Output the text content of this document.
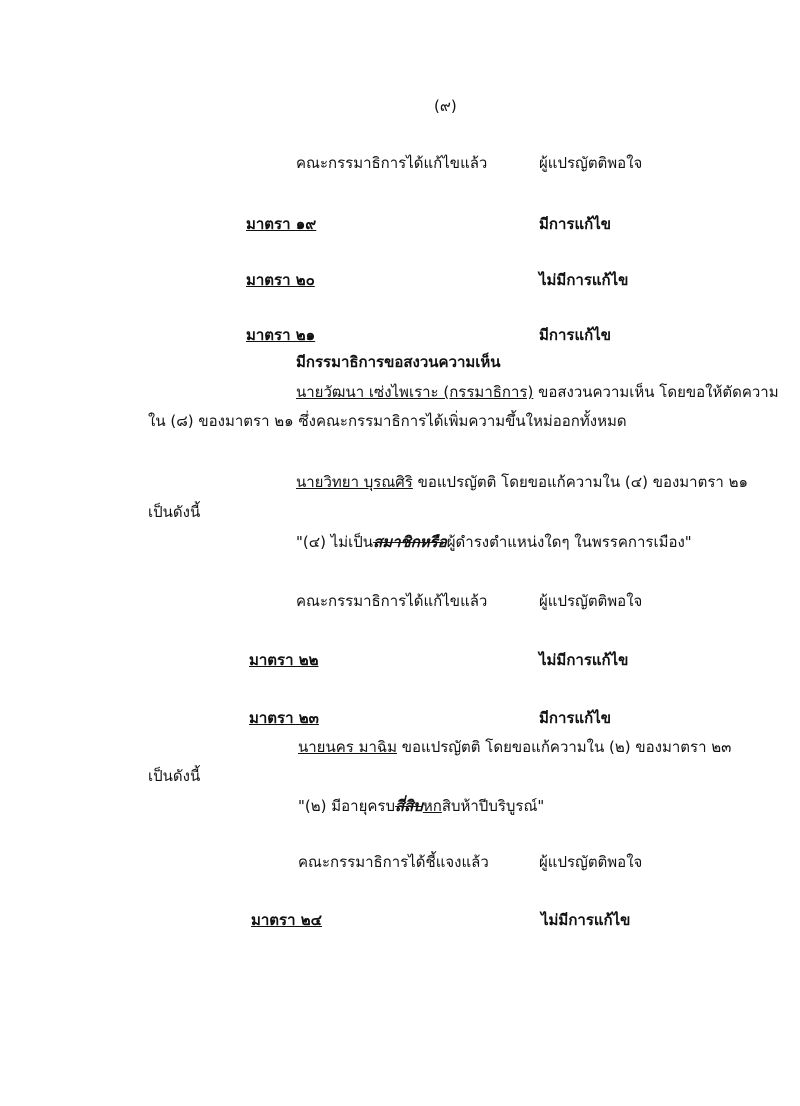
(๙)
คณะกรรมาธิการได้แก้ไขแล้ว	ผู้แปรญัตติพอใจ
มาตรา ๑๙	มีการแก้ไข
มาตรา ๒๐	ไม่มีการแก้ไข
มาตรา ๒๑	มีการแก้ไข
มีกรรมาธิการขอสงวนความเห็น
นายวัฒนา เซ่งไพเราะ (กรรมาธิการ) ขอสงวนความเห็น โดยขอให้ตัดความ
ใน (๘) ของมาตรา ๒๑ ซึ่งคณะกรรมาธิการได้เพิ่มความขึ้นใหม่ออกทั้งหมด
นายวิทยา บุรณศิริ ขอแปรญัตติ โดยขอแก้ความใน (๔) ของมาตรา ๒๑
เป็นดังนี้
"(๔) ไม่เป็นสมาชิกหรือผู้ดำรงตำแหน่งใดๆ ในพรรคการเมือง"
คณะกรรมาธิการได้แก้ไขแล้ว	ผู้แปรญัตติพอใจ
มาตรา ๒๒	ไม่มีการแก้ไข
มาตรา ๒๓	มีการแก้ไข
นายนคร มาฉิม ขอแปรญัตติ โดยขอแก้ความใน (๒) ของมาตรา ๒๓
เป็นดังนี้
"(๒) มีอายุครบสี่สิบหกสิบห้าปีบริบูรณ์"
คณะกรรมาธิการได้ชี้แจงแล้ว	ผู้แปรญัตติพอใจ
มาตรา ๒๔	ไม่มีการแก้ไข
